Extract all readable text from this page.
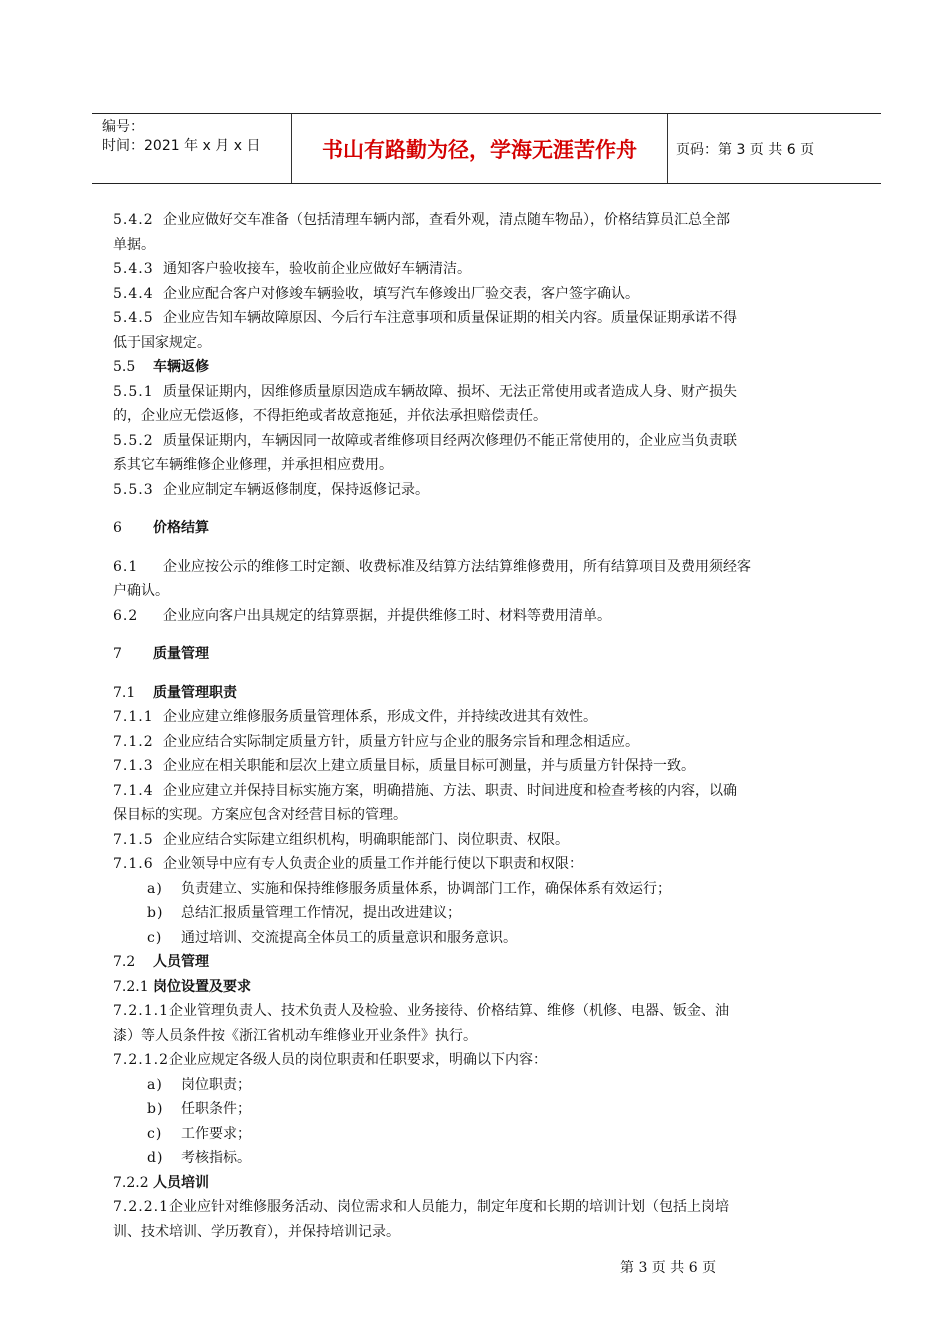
编号：
时间：2021 年 x 月 x 日	书山有路勤为径，学海无涯苦作舟	页码：第 3 页 共 6 页
5.4.2 企业应做好交车准备（包括清理车辆内部，查看外观，清点随车物品），价格结算员汇总全部
单据。
5.4.3 通知客户验收接车，验收前企业应做好车辆清洁。
5.4.4 企业应配合客户对修竣车辆验收，填写汽车修竣出厂验交表，客户签字确认。
5.4.5 企业应告知车辆故障原因、今后行车注意事项和质量保证期的相关内容。质量保证期承诺不得
低于国家规定。
5.5 车辆返修
5.5.1 质量保证期内，因维修质量原因造成车辆故障、损坏、无法正常使用或者造成人身、财产损失
的，企业应无偿返修，不得拒绝或者故意拖延，并依法承担赔偿责任。
5.5.2 质量保证期内，车辆因同一故障或者维修项目经两次修理仍不能正常使用的，企业应当负责联
系其它车辆维修企业修理，并承担相应费用。
5.5.3 企业应制定车辆返修制度，保持返修记录。
6 价格结算
6.1 企业应按公示的维修工时定额、收费标准及结算方法结算维修费用，所有结算项目及费用须经客
户确认。
6.2 企业应向客户出具规定的结算票据，并提供维修工时、材料等费用清单。
7 质量管理
7.1 质量管理职责
7.1.1 企业应建立维修服务质量管理体系，形成文件，并持续改进其有效性。
7.1.2 企业应结合实际制定质量方针，质量方针应与企业的服务宗旨和理念相适应。
7.1.3 企业应在相关职能和层次上建立质量目标，质量目标可测量，并与质量方针保持一致。
7.1.4 企业应建立并保持目标实施方案，明确措施、方法、职责、时间进度和检查考核的内容，以确
保目标的实现。方案应包含对经营目标的管理。
7.1.5 企业应结合实际建立组织机构，明确职能部门、岗位职责、权限。
7.1.6 企业领导中应有专人负责企业的质量工作并能行使以下职责和权限：
a) 负责建立、实施和保持维修服务质量体系，协调部门工作，确保体系有效运行；
b) 总结汇报质量管理工作情况，提出改进建议；
c) 通过培训、交流提高全体员工的质量意识和服务意识。
7.2 人员管理
7.2.1 岗位设置及要求
7.2.1.1企业管理负责人、技术负责人及检验、业务接待、价格结算、维修（机修、电器、钣金、油
漆）等人员条件按《浙江省机动车维修业开业条件》执行。
7.2.1.2企业应规定各级人员的岗位职责和任职要求，明确以下内容：
a) 岗位职责；
b) 任职条件；
c) 工作要求；
d) 考核指标。
7.2.2 人员培训
7.2.2.1企业应针对维修服务活动、岗位需求和人员能力，制定年度和长期的培训计划（包括上岗培
训、技术培训、学历教育），并保持培训记录。
第 3 页 共 6 页
